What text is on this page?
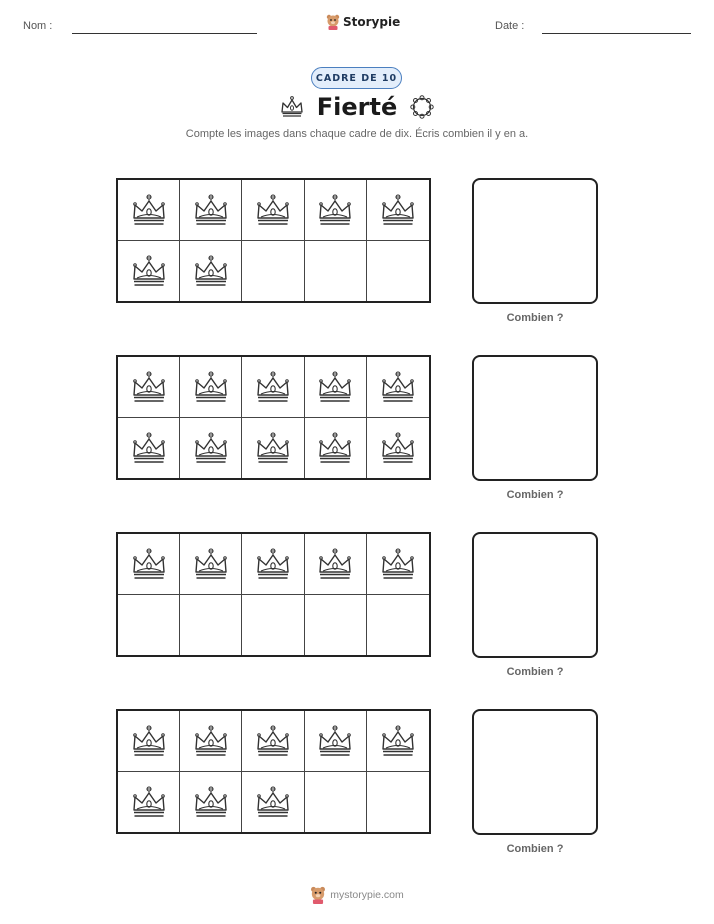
Nom :	Storypie	Date :
CADRE DE 10
Fierté
Compte les images dans chaque cadre de dix. Écris combien il y en a.
Combien ?
Combien ?
Combien ?
Combien ?
mystorypie.com
